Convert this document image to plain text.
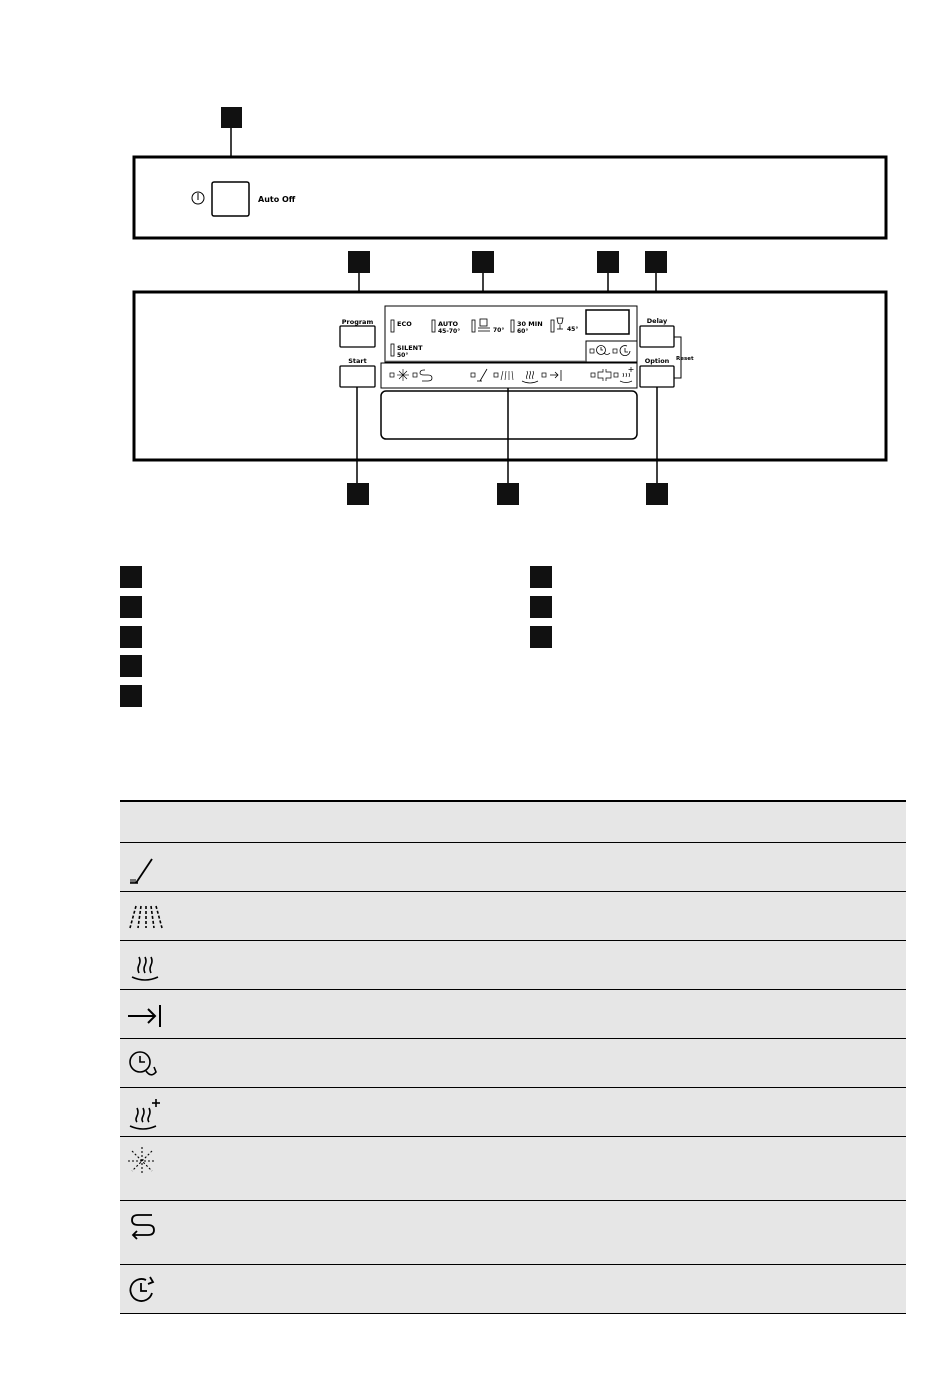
Auto Off
Program
Start
ECO	AUTO
45-70°	70°
30 MIN
60°	45°
SILENT
50°
Delay
Option Reset
